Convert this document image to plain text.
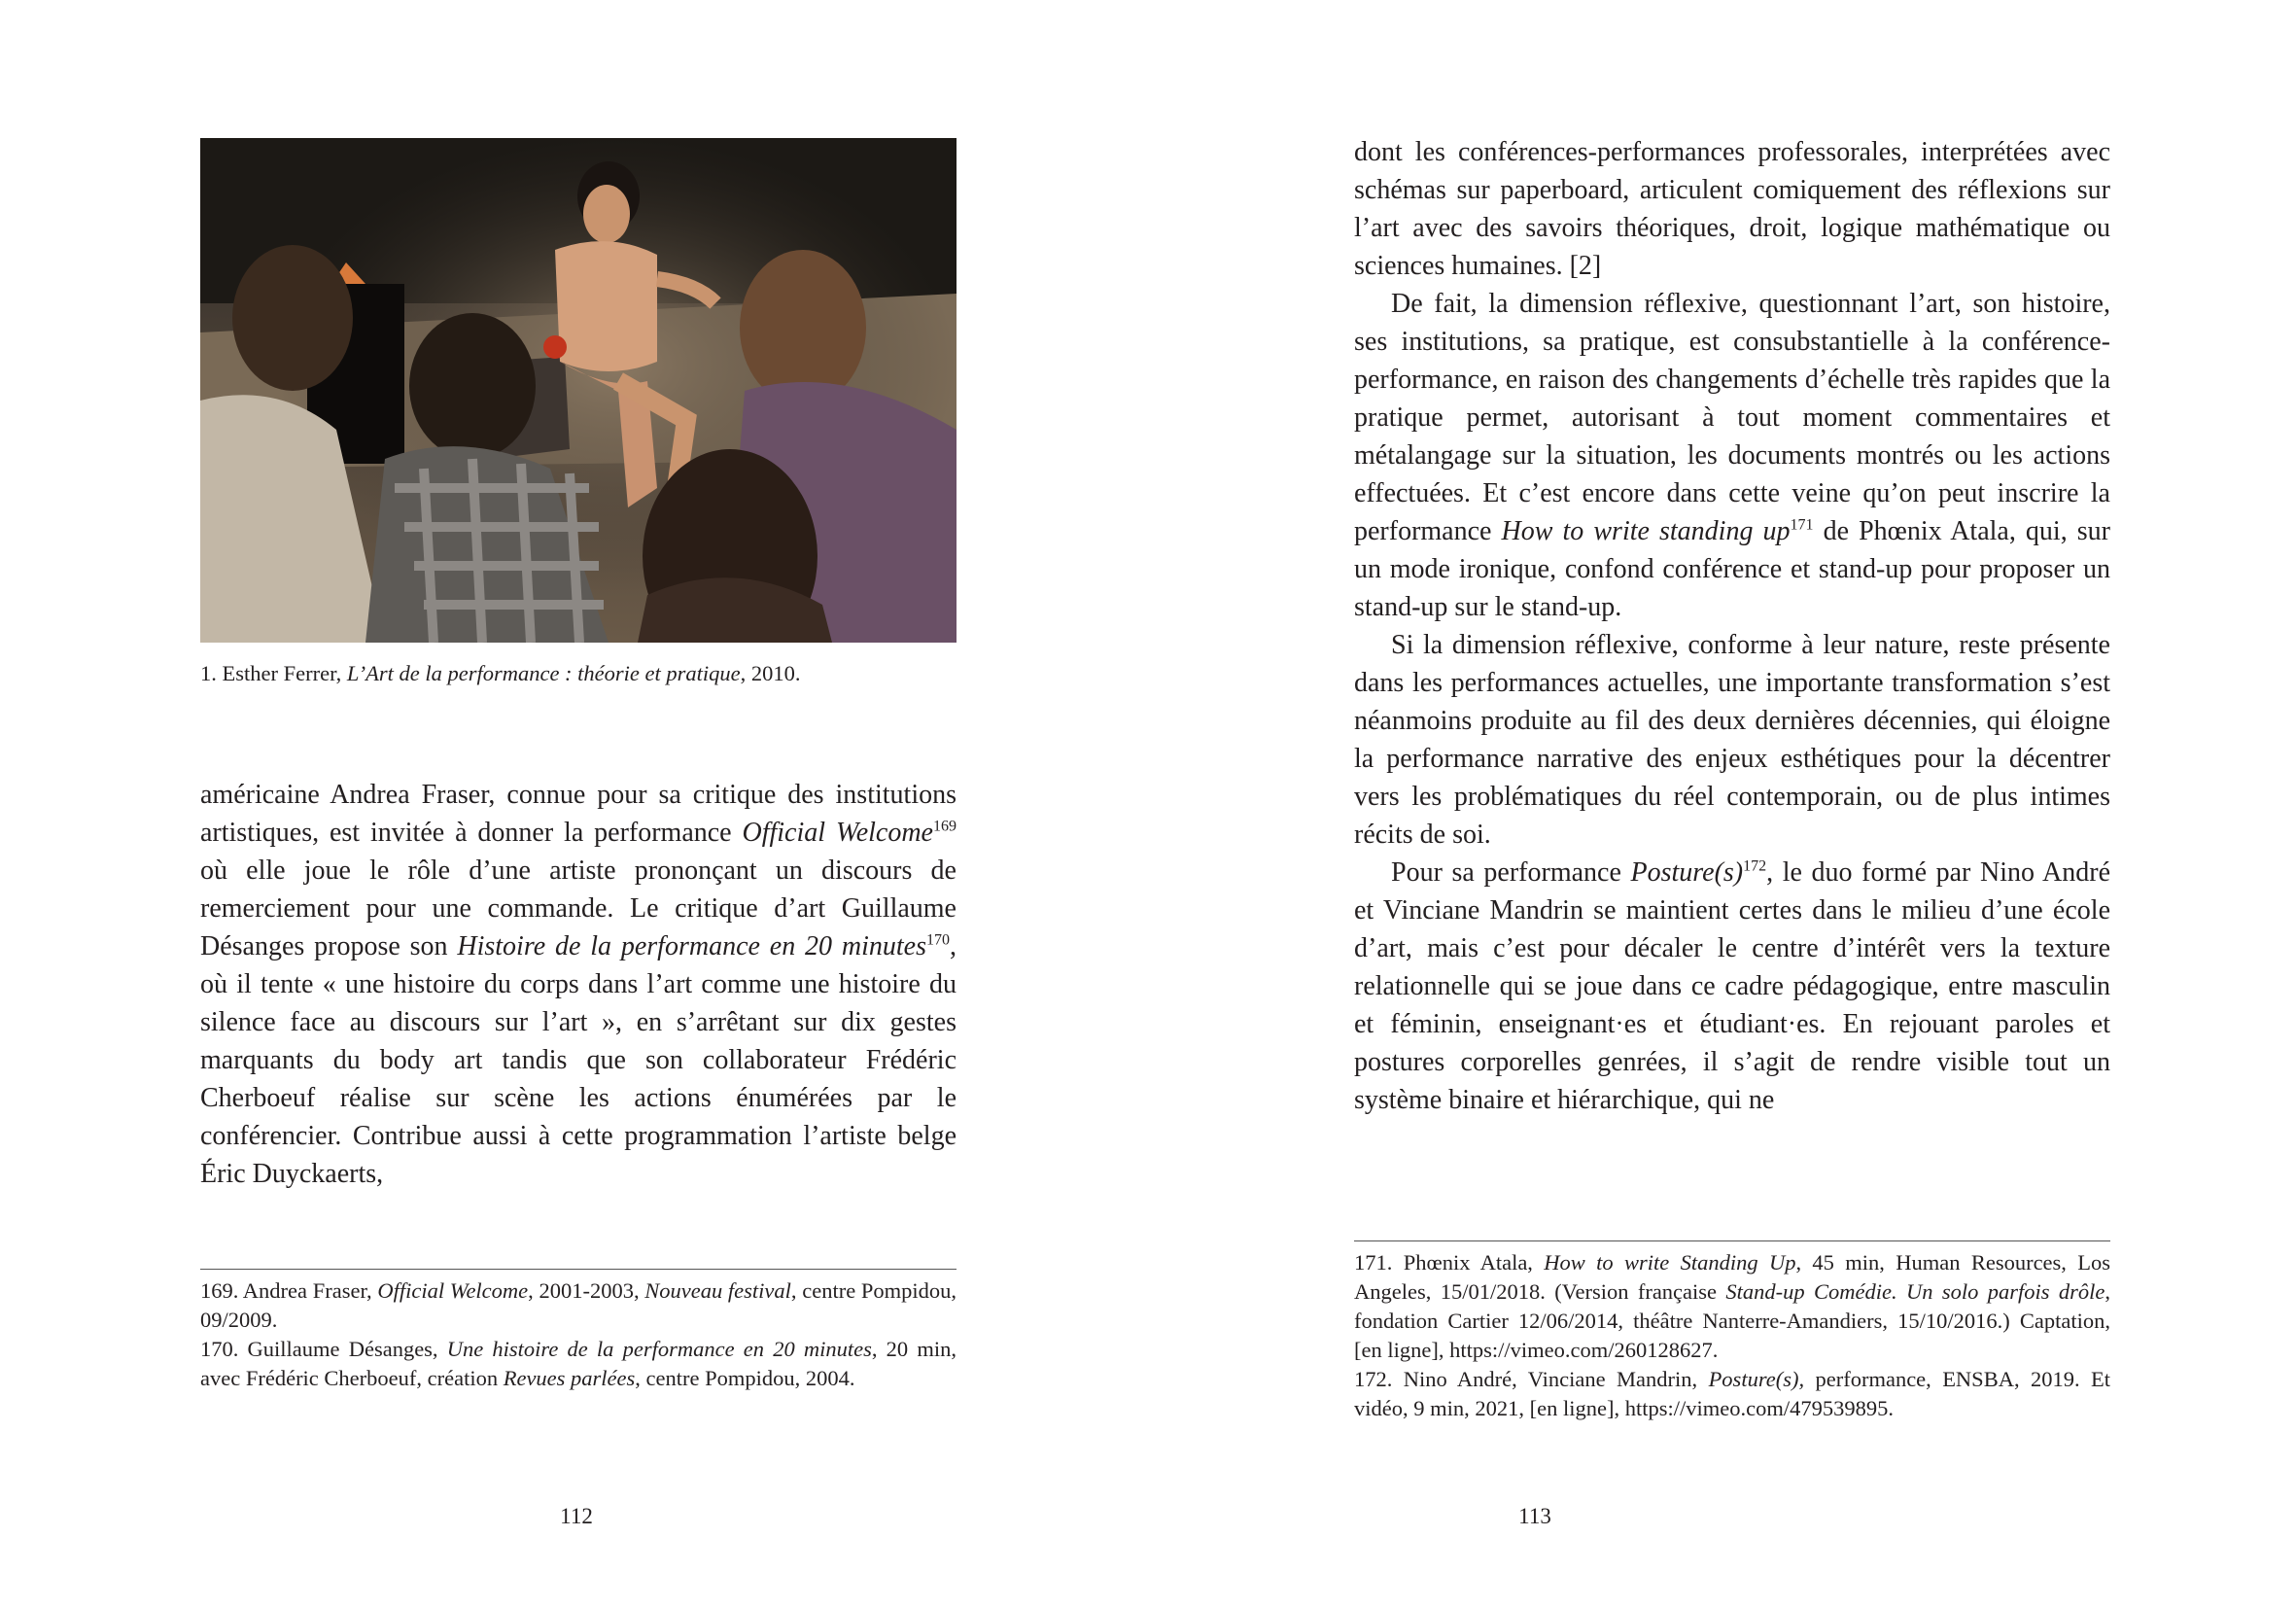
1. Esther Ferrer, L’Art de la performance : théorie et pratique, 2010.

américaine Andrea Fraser, connue pour sa critique des institutions artistiques, est invitée à donner la performance Official Welcome$^{169}$ où elle joue le rôle d’une artiste prononçant un discours de remerciement pour une commande. Le critique d’art Guillaume Désanges propose son Histoire de la performance en 20 minutes$^{170}$, où il tente « une histoire du corps dans l’art comme une histoire du silence face au discours sur l’art », en s’arrêtant sur dix gestes marquants du body art tandis que son collaborateur Frédéric Cherboeuf réalise sur scène les actions énumérées par le conférencier. Contribue aussi à cette programmation l’artiste belge Éric Duyckaerts,

169. Andrea Fraser, Official Welcome, 2001-2003, Nouveau festival, centre Pompidou, 09/2009.

170. Guillaume Désanges, Une histoire de la performance en 20 minutes, 20 min, avec Frédéric Cherboeuf, création Revues parlées, centre Pompidou, 2004.

112

dont les conférences-performances professorales, interprétées avec schémas sur paperboard, articulent comiquement des réflexions sur l’art avec des savoirs théoriques, droit, logique mathématique ou sciences humaines. [2]

De fait, la dimension réflexive, questionnant l’art, son histoire, ses institutions, sa pratique, est consubstantielle à la conférence-performance, en raison des changements d’échelle très rapides que la pratique permet, autorisant à tout moment commentaires et métalangage sur la situation, les documents montrés ou les actions effectuées. Et c’est encore dans cette veine qu’on peut inscrire la performance How to write standing $up^{171}$ de Phœnix Atala, qui, sur un mode ironique, confond conférence et stand-up pour proposer un stand-up sur le stand-up.

Si la dimension réflexive, conforme à leur nature, reste présente dans les performances actuelles, une importante transformation s’est néanmoins produite au fil des deux dernières décennies, qui éloigne la performance narrative des enjeux esthétiques pour la décentrer vers les problématiques du réel contemporain, ou de plus intimes récits de soi.

Pour sa performance $Posture(s)^{172}$, le duo formé par Nino André et Vinciane Mandrin se maintient certes dans le milieu d’une école d’art, mais c’est pour décaler le centre d’intérêt vers la texture relationnelle qui se joue dans ce cadre pédagogique, entre masculin et féminin, enseignant·es et étudiant·es. En rejouant paroles et postures corporelles genrées, il s’agit de rendre visible tout un système binaire et hiérarchique, qui ne

171. Phœnix Atala, How to write Standing Up, 45 min, Human Resources, Los Angeles, 15/01/2018. (Version française Stand-up Comédie. Un solo parfois drôle, fondation Cartier 12/06/2014, théâtre Nanterre-Amandiers, 15/10/2016.) Captation, [en ligne], https://vimeo.com/260128627.

172. Nino André, Vinciane Mandrin, Posture(s), performance, ENSBA, 2019. Et vidéo, 9 min, 2021, [en ligne], https://vimeo.com/479539895.

113
